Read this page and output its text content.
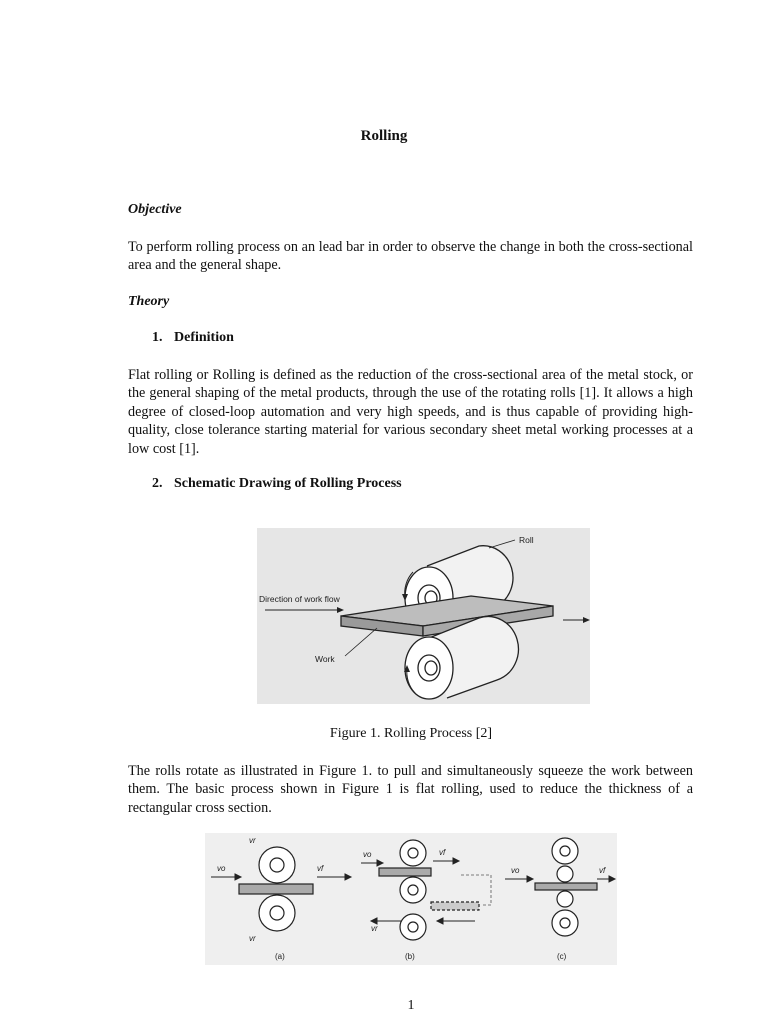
Rolling
Objective
To perform rolling process on an lead bar in order to observe the change in both the cross-sectional area and the general shape.
Theory
1. Definition
Flat rolling or Rolling is defined as the reduction of the cross-sectional area of the metal stock, or the general shaping of the metal products, through the use of the rotating rolls [1]. It allows a high degree of closed-loop automation and very high speeds, and is thus capable of providing high-quality, close tolerance starting material for various secondary sheet metal working processes at a low cost [1].
2. Schematic Drawing of Rolling Process
Roll
Direction of work flow
Work
Figure 1. Rolling Process [2]
The rolls rotate as illustrated in Figure 1. to pull and simultaneously squeeze the work between them. The basic process shown in Figure 1 is flat rolling, used to reduce the thickness of a rectangular cross section.
vr
vo	vf
vr
vo	vf
vr
vo	vf
(a)	(b)	(c)
1
